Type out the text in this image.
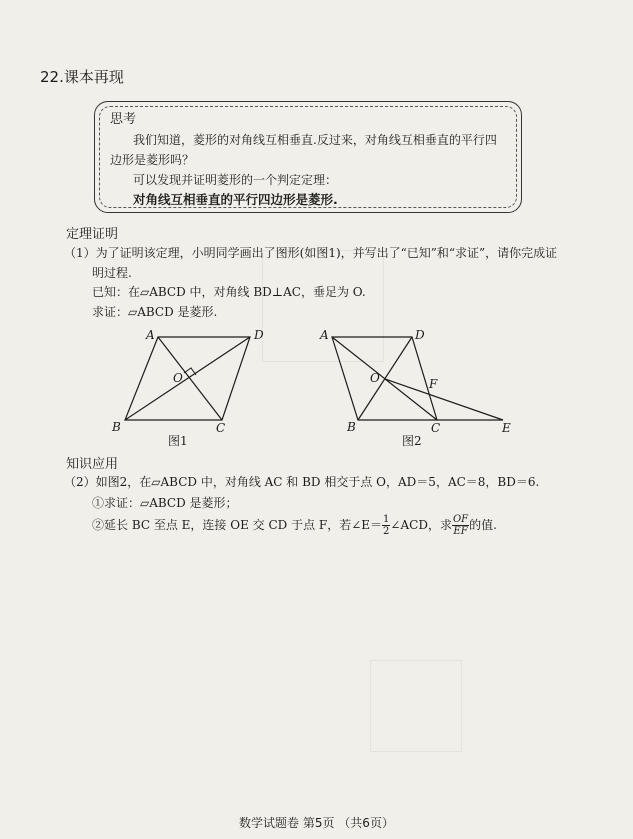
22.课本再现
思考
我们知道，菱形的对角线互相垂直.反过来，对角线互相垂直的平行四
边形是菱形吗？
可以发现并证明菱形的一个判定定理：
对角线互相垂直的平行四边形是菱形.
定理证明
（1）为了证明该定理，小明同学画出了图形(如图1)，并写出了“已知”和“求证”，请你完成证
明过程.
已知：在▱ABCD 中，对角线 BD⊥AC，垂足为 O.
求证：▱ABCD 是菱形.
A
B	C
D
O
图1
A
B	C
D
O	F
E
图2
知识应用
（2）如图2，在▱ABCD 中，对角线 AC 和 BD 相交于点 O，AD＝5，AC＝8，BD＝6.
①求证：▱ABCD 是菱形；
②延长 BC 至点 E，连接 OE 交 CD 于点 F，若∠E＝ $\frac{1}{2}$ ∠ACD，求 $\frac{OF}{EF}$ 的值.
数学试题卷 第5页 （共6页）
